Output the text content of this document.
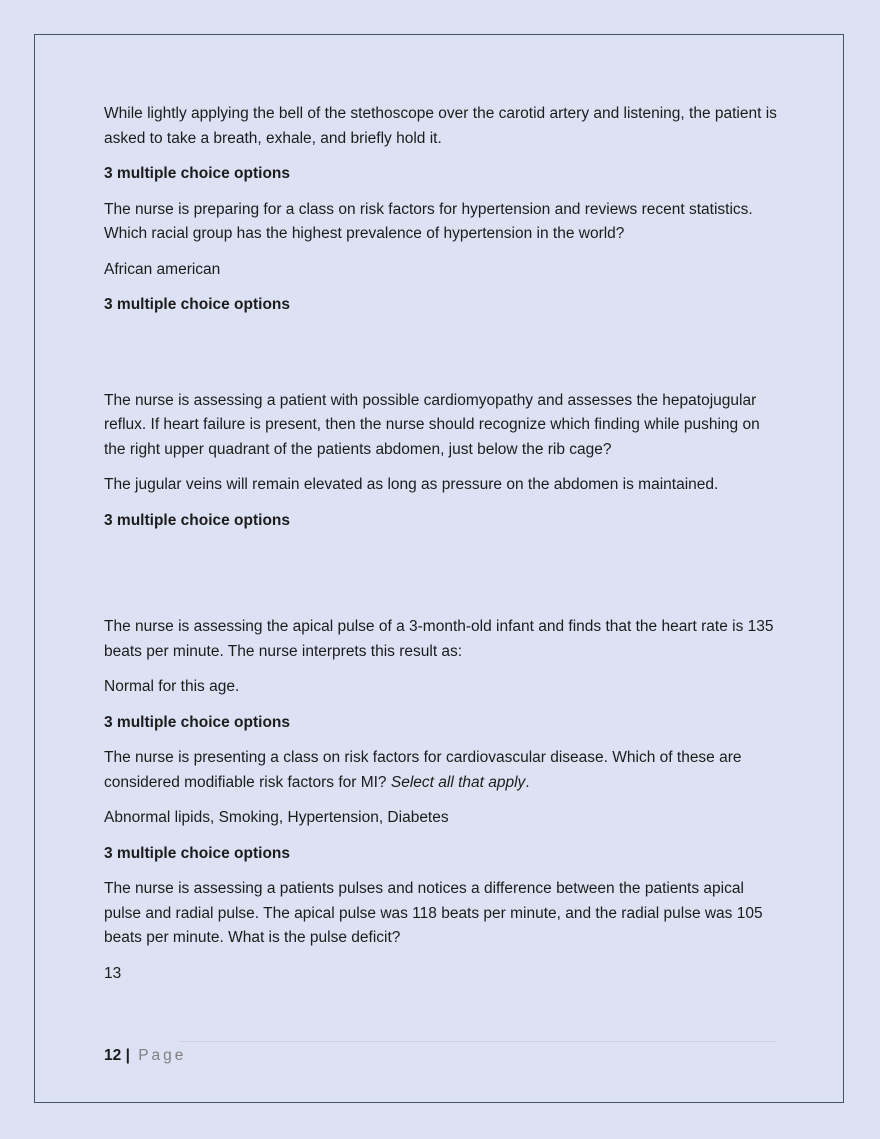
While lightly applying the bell of the stethoscope over the carotid artery and listening, the patient is asked to take a breath, exhale, and briefly hold it.

3 multiple choice options

The nurse is preparing for a class on risk factors for hypertension and reviews recent statistics. Which racial group has the highest prevalence of hypertension in the world?

African american

3 multiple choice options

The nurse is assessing a patient with possible cardiomyopathy and assesses the hepatojugular reflux. If heart failure is present, then the nurse should recognize which finding while pushing on the right upper quadrant of the patients abdomen, just below the rib cage?

The jugular veins will remain elevated as long as pressure on the abdomen is maintained.

3 multiple choice options

The nurse is assessing the apical pulse of a 3-month-old infant and finds that the heart rate is 135 beats per minute. The nurse interprets this result as:

Normal for this age.

3 multiple choice options

The nurse is presenting a class on risk factors for cardiovascular disease. Which of these are considered modifiable risk factors for MI? Select all that apply.

Abnormal lipids, Smoking, Hypertension, Diabetes

3 multiple choice options

The nurse is assessing a patients pulses and notices a difference between the patients apical pulse and radial pulse. The apical pulse was 118 beats per minute, and the radial pulse was 105 beats per minute. What is the pulse deficit?

13

12 | Page
